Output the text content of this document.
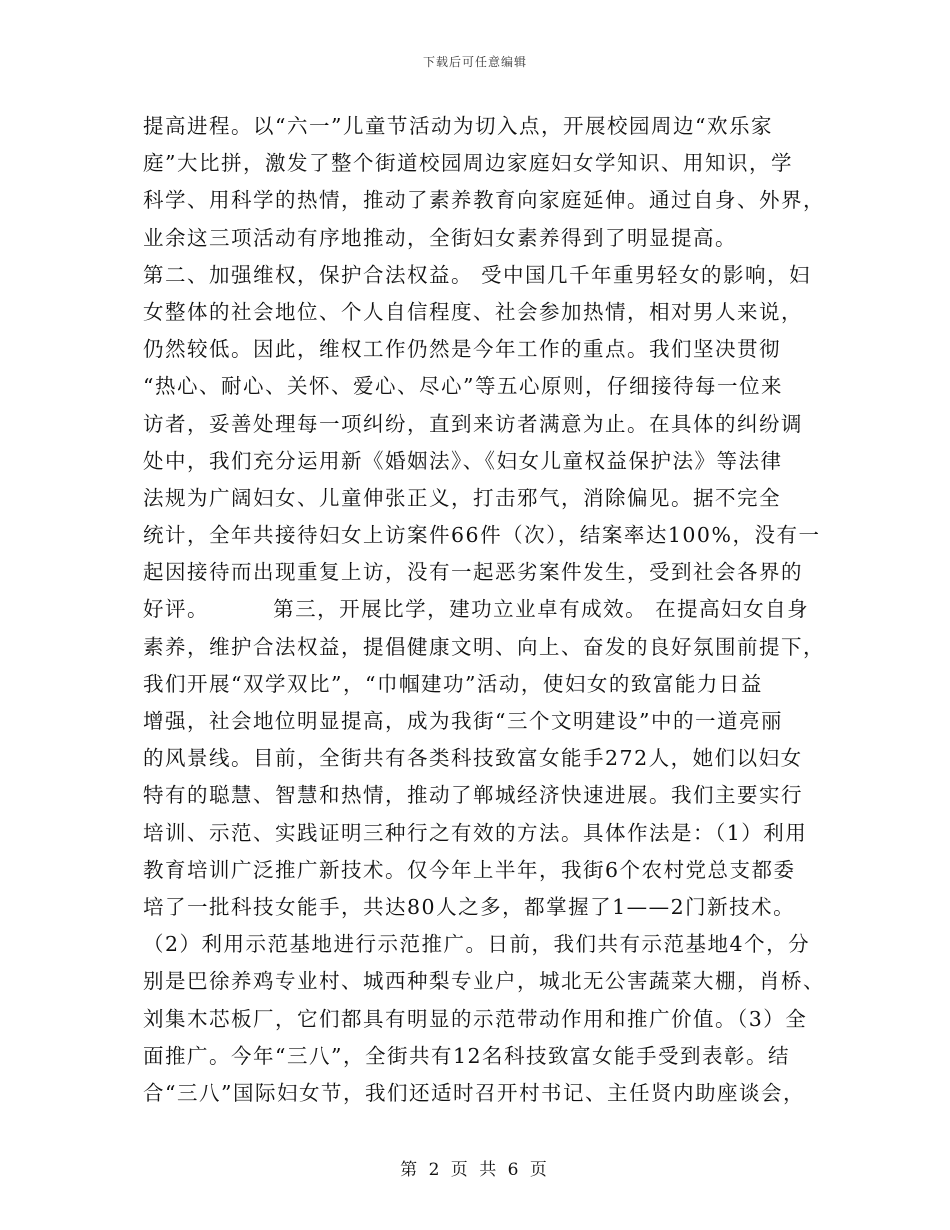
下载后可任意编辑
提高进程。以“六一”儿童节活动为切入点，开展校园周边“欢乐家
庭”大比拼，激发了整个街道校园周边家庭妇女学知识、用知识，学
科学、用科学的热情，推动了素养教育向家庭延伸。通过自身、外界，
业余这三项活动有序地推动，全街妇女素养得到了明显提高。
第二、加强维权，保护合法权益。 受中国几千年重男轻女的影响，妇
女整体的社会地位、个人自信程度、社会参加热情，相对男人来说，
仍然较低。因此，维权工作仍然是今年工作的重点。我们坚决贯彻
“热心、耐心、关怀、爱心、尽心”等五心原则，仔细接待每一位来
访者，妥善处理每一项纠纷，直到来访者满意为止。在具体的纠纷调
处中，我们充分运用新《婚姻法》、《妇女儿童权益保护法》等法律
法规为广阔妇女、儿童伸张正义，打击邪气，消除偏见。据不完全
统计，全年共接待妇女上访案件66件（次），结案率达100%，没有一
起因接待而出现重复上访，没有一起恶劣案件发生，受到社会各界的
好评。        第三，开展比学，建功立业卓有成效。 在提高妇女自身
素养，维护合法权益，提倡健康文明、向上、奋发的良好氛围前提下，
我们开展“双学双比”，“巾帼建功”活动，使妇女的致富能力日益
增强，社会地位明显提高，成为我街“三个文明建设”中的一道亮丽
的风景线。目前，全街共有各类科技致富女能手272人，她们以妇女
特有的聪慧、智慧和热情，推动了郸城经济快速进展。我们主要实行
培训、示范、实践证明三种行之有效的方法。具体作法是：（1）利用
教育培训广泛推广新技术。仅今年上半年，我街6个农村党总支都委
培了一批科技女能手，共达80人之多，都掌握了1——2门新技术。
（2）利用示范基地进行示范推广。日前，我们共有示范基地4个，分
别是巴徐养鸡专业村、城西种梨专业户，城北无公害蔬菜大棚，肖桥、
刘集木芯板厂，它们都具有明显的示范带动作用和推广价值。（3）全
面推广。今年“三八”，全街共有12名科技致富女能手受到表彰。结
合“三八”国际妇女节，我们还适时召开村书记、主任贤内助座谈会，
第 2 页 共 6 页
